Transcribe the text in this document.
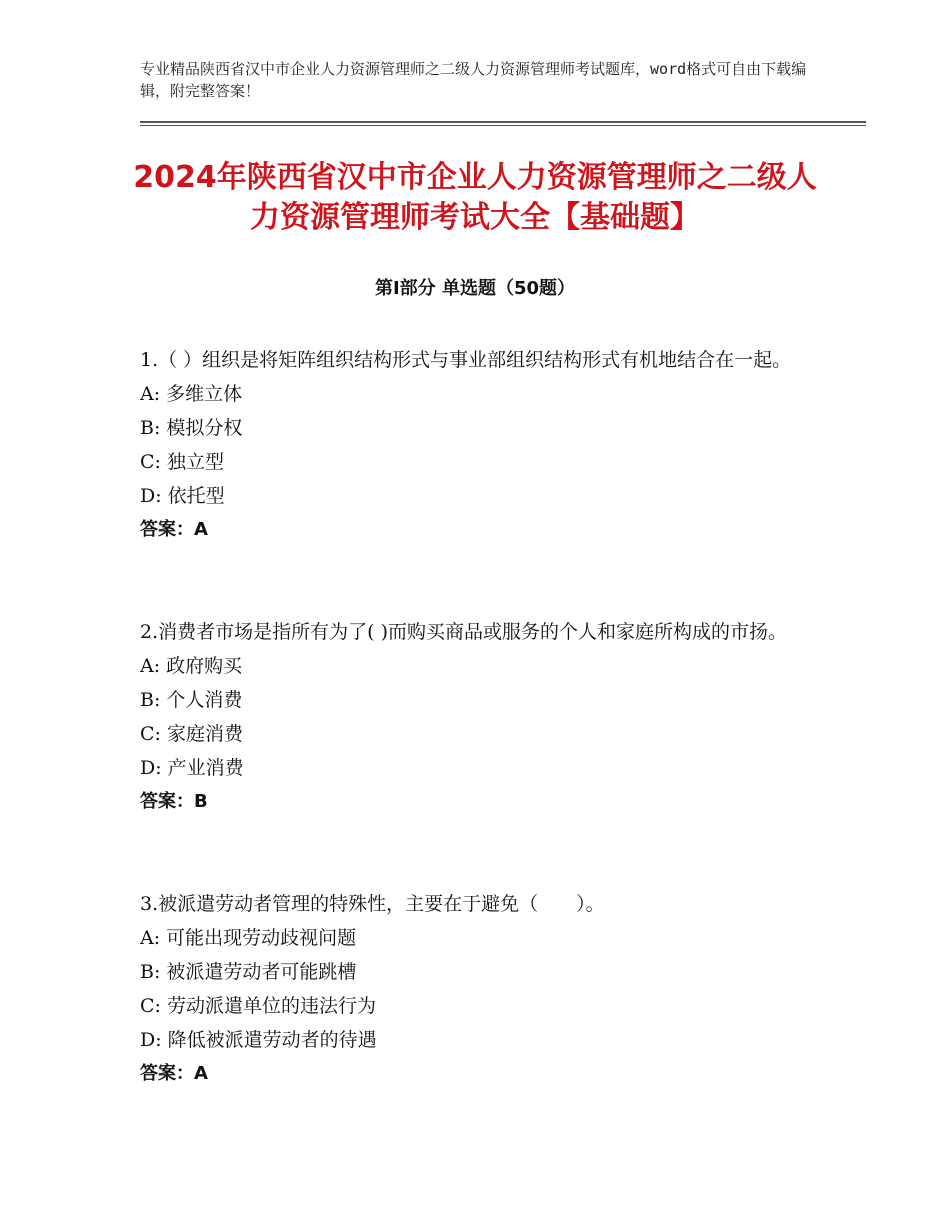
专业精品陕西省汉中市企业人力资源管理师之二级人力资源管理师考试题库，word格式可自由下载编辑，附完整答案！
2024年陕西省汉中市企业人力资源管理师之二级人力资源管理师考试大全【基础题】
第I部分 单选题（50题）
1.（ ）组织是将矩阵组织结构形式与事业部组织结构形式有机地结合在一起。
A: 多维立体
B: 模拟分权
C: 独立型
D: 依托型
答案：A
2.消费者市场是指所有为了( )而购买商品或服务的个人和家庭所构成的市扬。
A: 政府购买
B: 个人消费
C: 家庭消费
D: 产业消费
答案：B
3.被派遣劳动者管理的特殊性，主要在于避免（　　）。
A: 可能出现劳动歧视问题
B: 被派遣劳动者可能跳槽
C: 劳动派遣单位的违法行为
D: 降低被派遣劳动者的待遇
答案：A
